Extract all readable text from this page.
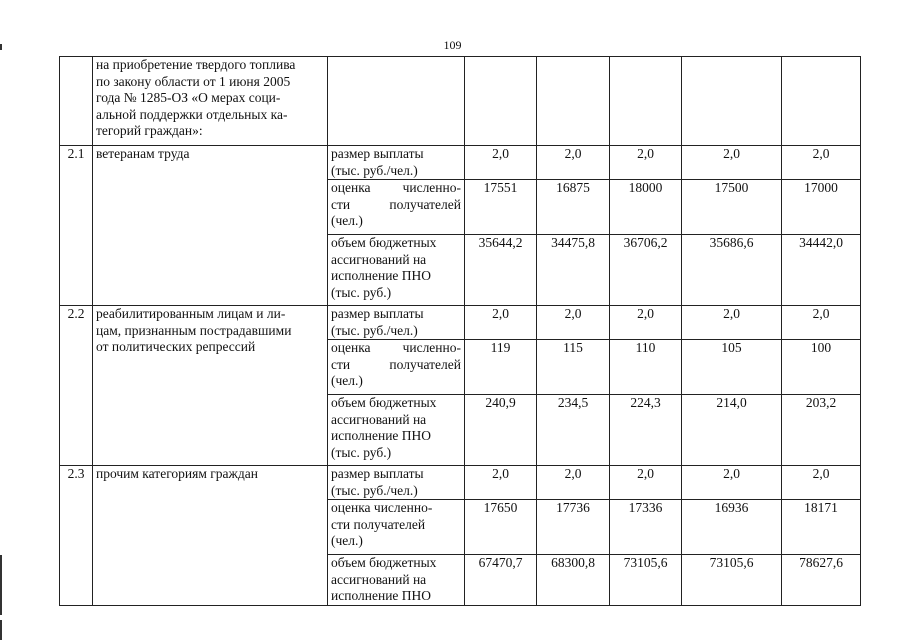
109

	на приобретение твердого топлива
по закону области от 1 июня 2005
года № 1285-ОЗ «О мерах соци-
альной поддержки отдельных ка-
тегорий граждан»:						

2.1	ветеранам труда	размер выплаты
(тыс. руб./чел.)	2,0	2,0	2,0	2,0	2,0

		оценка численно-
сти получателей
(чел.)	17551	16875	18000	17500	17000

		объем бюджетных
ассигнований на
исполнение ПНО
(тыс. руб.)	35644,2	34475,8	36706,2	35686,6	34442,0
2.2	реабилитированным лицам и ли-
цам, признанным пострадавшими
от политических репрессий	размер выплаты
(тыс. руб./чел.)	2,0	2,0	2,0	2,0	2,0

		оценка численно-
сти получателей
(чел.)	119	115	110	105	100

		объем бюджетных
ассигнований на
исполнение ПНО
(тыс. руб.)	240,9	234,5	224,3	214,0	203,2
2.3	прочим категориям граждан	размер выплаты
(тыс. руб./чел.)	2,0	2,0	2,0	2,0	2,0

		оценка численно-
сти получателей
(чел.)	17650	17736	17336	16936	18171

		объем бюджетных
ассигнований на
исполнение ПНО	67470,7	68300,8	73105,6	73105,6	78627,6
